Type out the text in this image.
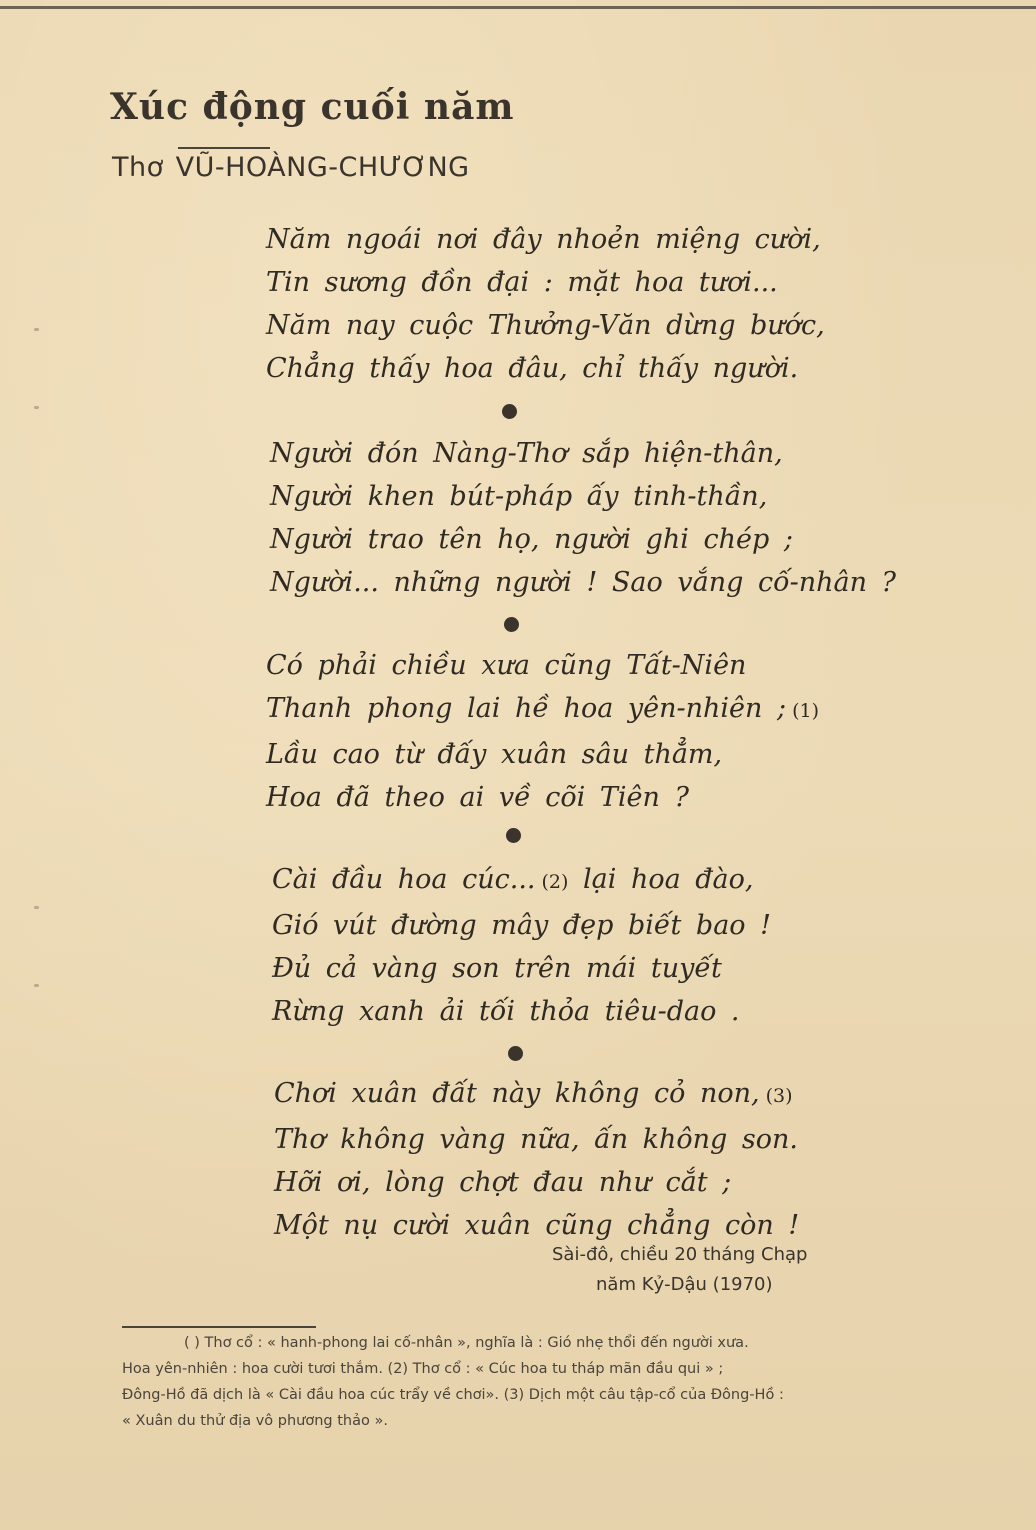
Xúc động cuối năm
Thơ VŨ-HOÀNG-CHƯƠNG
Năm ngoái nơi đây nhoẻn miệng cười,
Tin sương đồn đại : mặt hoa tươi...
Năm nay cuộc Thưởng-Văn dừng bước,
Chẳng thấy hoa đâu, chỉ thấy người.
Người đón Nàng-Thơ sắp hiện-thân,
Người khen bút-pháp ấy tinh-thần,
Người trao tên họ, người ghi chép ;
Người... những người ! Sao vắng cố-nhân ?
Có phải chiều xưa cũng Tất-Niên
Thanh phong lai hề hoa yên-nhiên ; (1)
Lầu cao từ đấy xuân sâu thẳm,
Hoa đã theo ai về cõi Tiên ?
Cài đầu hoa cúc... (2) lại hoa đào,
Gió vút đường mây đẹp biết bao !
Đủ cả vàng son trên mái tuyết
Rừng xanh ải tối thỏa tiêu-dao .
Chơi xuân đất này không cỏ non, (3)
Thơ không vàng nữa, ấn không son.
Hỡi ơi, lòng chợt đau như cắt ;
Một nụ cười xuân cũng chẳng còn !
Sài-đô, chiều 20 tháng Chạp
năm Kỷ-Dậu (1970)
( ) Thơ cổ : « hanh-phong lai cố-nhân », nghĩa là : Gió nhẹ thổi đến người xưa.
Hoa yên-nhiên : hoa cười tươi thắm. (2) Thơ cổ : « Cúc hoa tu tháp mãn đầu qui » ;
Đông-Hồ đã dịch là « Cài đầu hoa cúc trẩy về chơi». (3) Dịch một câu tập-cổ của Đông-Hồ :
« Xuân du thử địa vô phương thảo ».
